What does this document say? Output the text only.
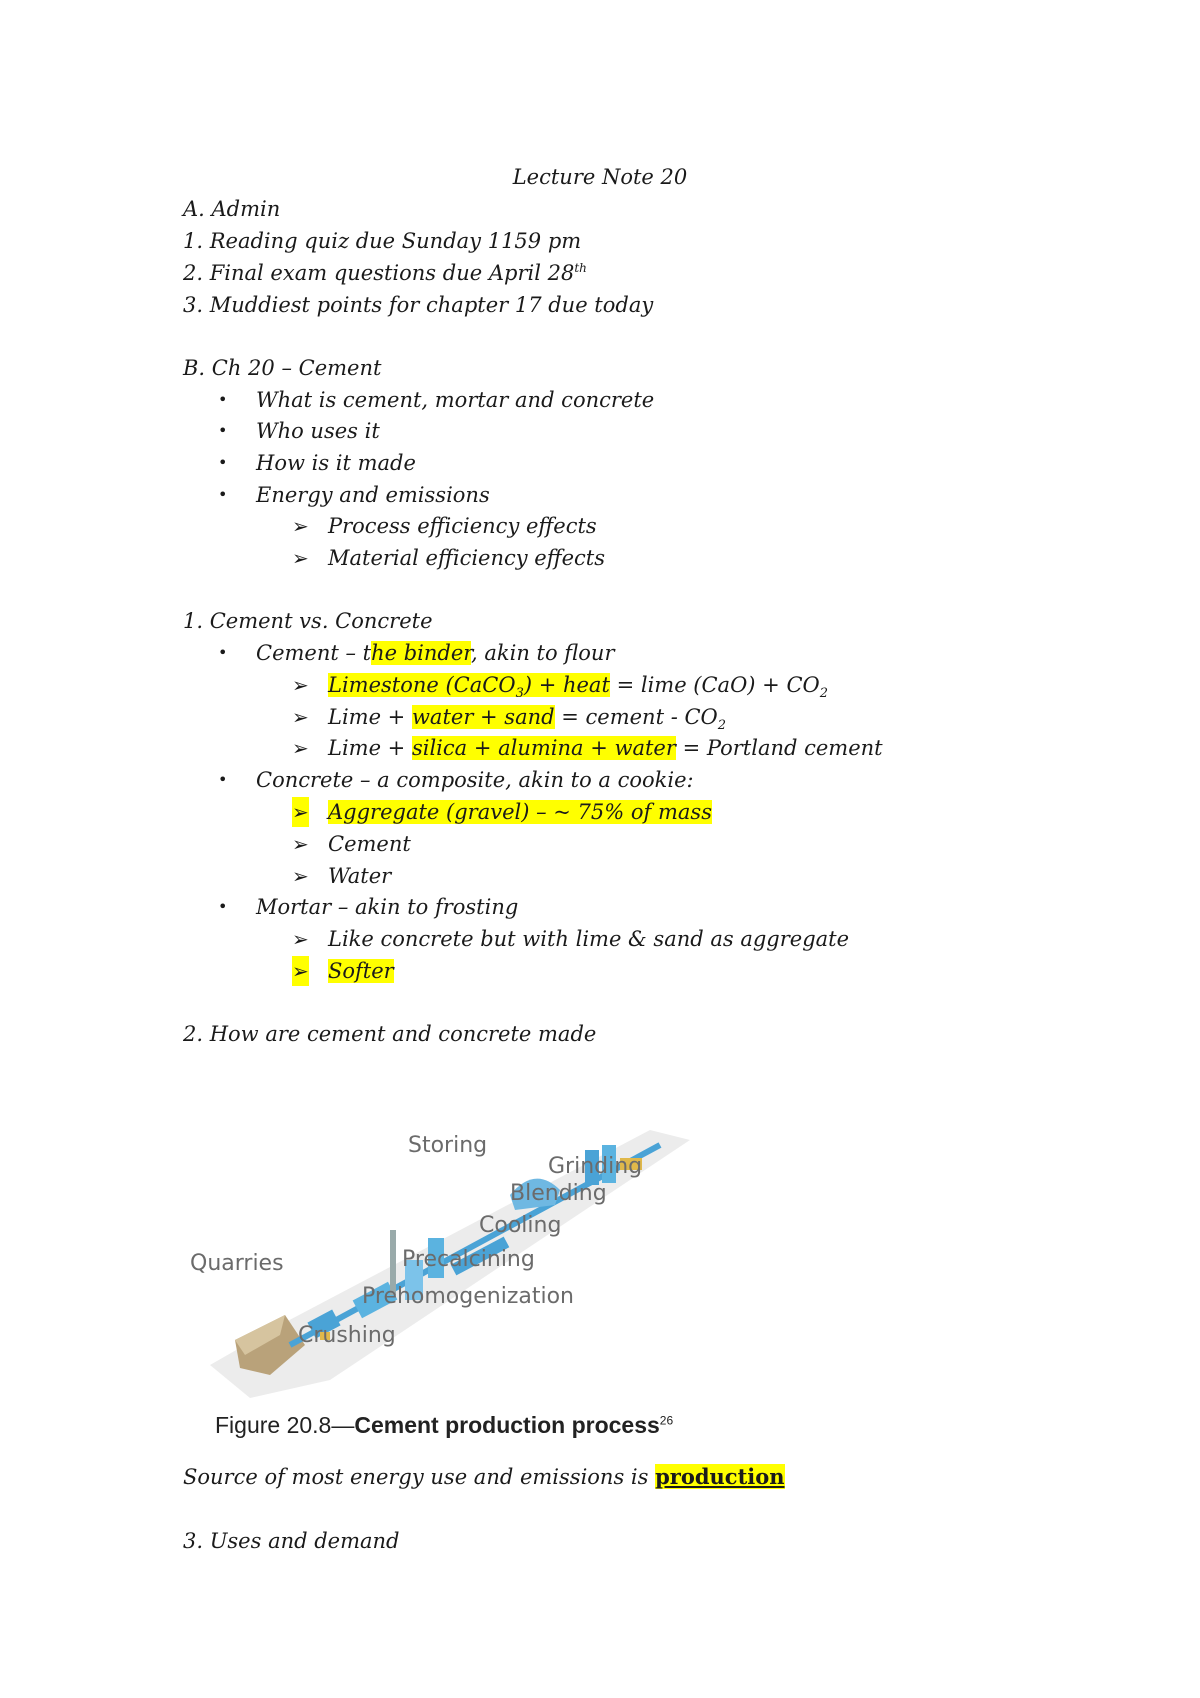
Lecture Note 20
A. Admin
1. Reading quiz due Sunday 1159 pm
2. Final exam questions due April 28th
3. Muddiest points for chapter 17 due today
B. Ch 20 – Cement
• What is cement, mortar and concrete
• Who uses it
• How is it made
• Energy and emissions
➢ Process efficiency effects
➢ Material efficiency effects
1. Cement vs. Concrete
• Cement – the binder, akin to flour
➢ Limestone (CaCO$_3$) + heat = lime $(CaO) + CO_2$
➢ Lime + water + sand = cement - $CO_2$
➢ Lime + silica + alumina + water = Portland cement
• Concrete – a composite, akin to a cookie:
➢ Aggregate (gravel) – ~ 75% of mass
➢ Cement
➢ Water
• Mortar – akin to frosting
➢ Like concrete but with lime & sand as aggregate
➢ Softer
2. How are cement and concrete made
Storing
Grinding
Blending
Cooling
Quarries	Precalcining
Prehomogenization
Crushing
Figure 20.8—Cement production process$^{26}$
Source of most energy use and emissions is production
3. Uses and demand
